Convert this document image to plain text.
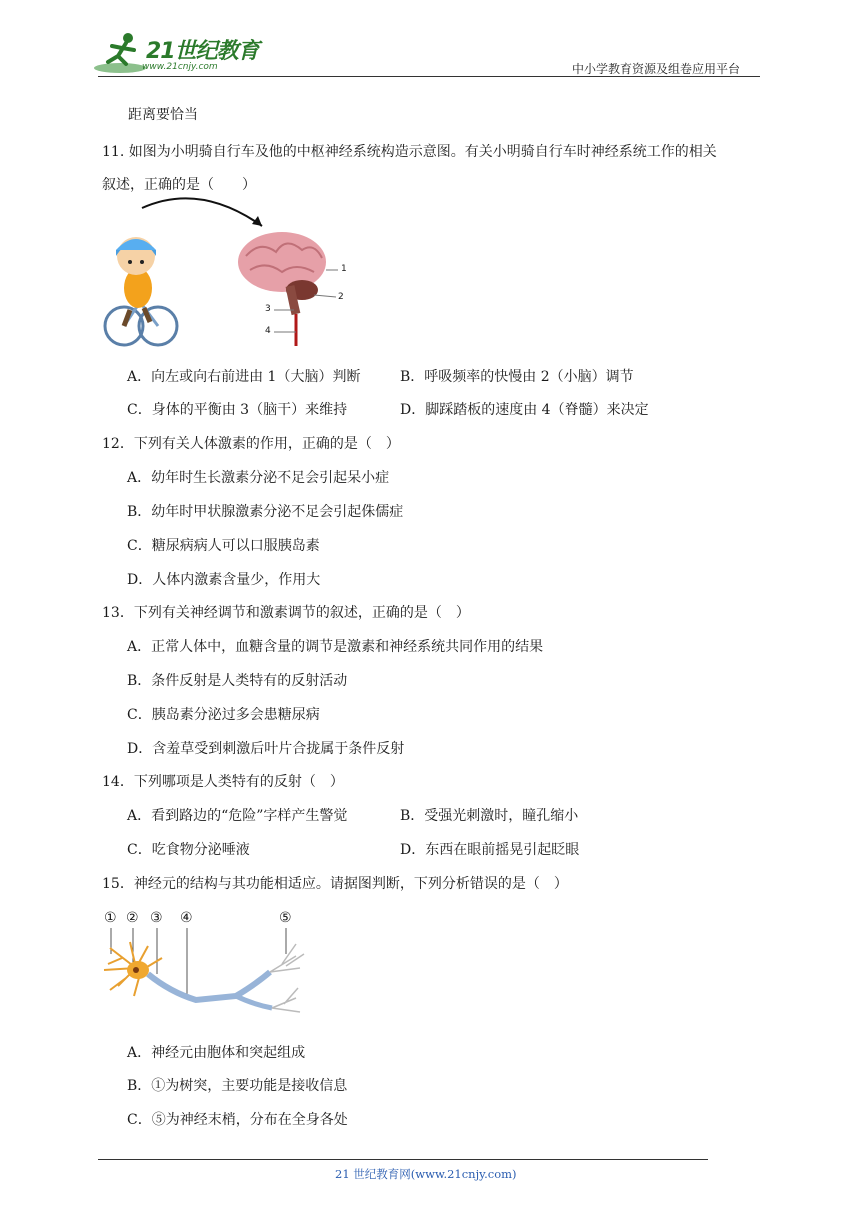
21世纪教育
www.21cnjy.com	中小学教育资源及组卷应用平台
距离要恰当
11. 如图为小明骑自行车及他的中枢神经系统构造示意图。有关小明骑自行车时神经系统工作的相关
叙述，正确的是（　　）
1
2
3
4
A．向左或向右前进由 1（大脑）判断	B．呼吸频率的快慢由 2（小脑）调节
C．身体的平衡由 3（脑干）来维持	D．脚踩踏板的速度由 4（脊髓）来决定
12．下列有关人体激素的作用，正确的是（　）
A．幼年时生长激素分泌不足会引起呆小症
B．幼年时甲状腺激素分泌不足会引起侏儒症
C．糖尿病病人可以口服胰岛素
D．人体内激素含量少，作用大
13．下列有关神经调节和激素调节的叙述，正确的是（　）
A．正常人体中，血糖含量的调节是激素和神经系统共同作用的结果
B．条件反射是人类特有的反射活动
C．胰岛素分泌过多会患糖尿病
D．含羞草受到刺激后叶片合拢属于条件反射
14．下列哪项是人类特有的反射（　）
A．看到路边的“危险”字样产生警觉	B．受强光刺激时，瞳孔缩小
C．吃食物分泌唾液	D．东西在眼前摇晃引起眨眼
15．神经元的结构与其功能相适应。请据图判断，下列分析错误的是（　）
① ② ③ ④	⑤
A．神经元由胞体和突起组成
B．①为树突，主要功能是接收信息
C．⑤为神经末梢，分布在全身各处
21 世纪教育网(www.21cnjy.com)
